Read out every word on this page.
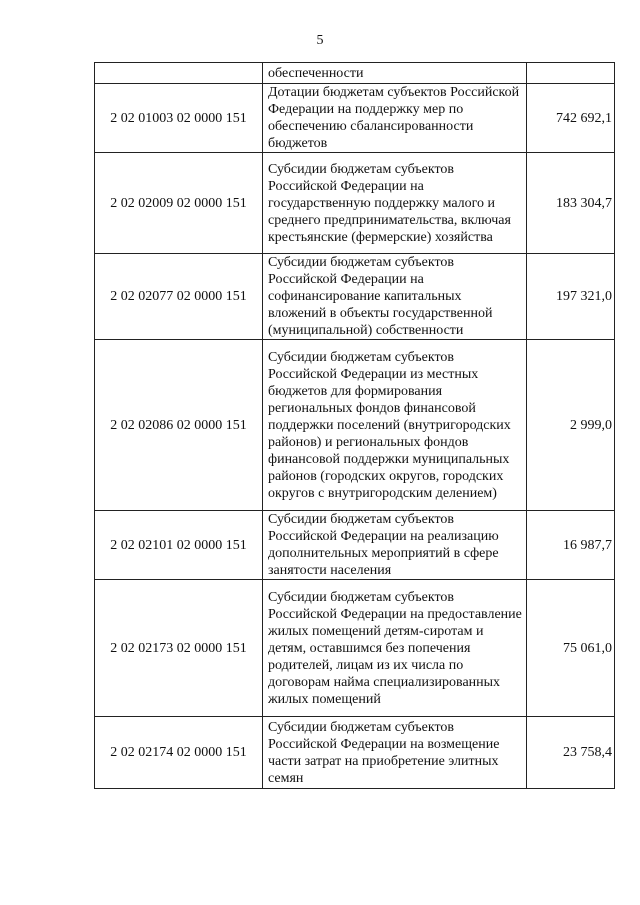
5
	обеспеченности	
2 02 01003 02 0000 151	Дотации бюджетам субъектов Российской Федерации на поддержку мер по обеспечению сбалансированности бюджетов	742 692,1
2 02 02009 02 0000 151	Субсидии бюджетам субъектов Российской Федерации на государственную поддержку малого и среднего предпринимательства, включая крестьянские (фермерские) хозяйства	183 304,7
2 02 02077 02 0000 151	Субсидии бюджетам субъектов Российской Федерации на софинансирование капитальных вложений в объекты государственной (муниципальной) собственности	197 321,0
2 02 02086 02 0000 151	Субсидии бюджетам субъектов Российской Федерации из местных бюджетов для формирования региональных фондов финансовой поддержки поселений (внутригородских районов) и региональных фондов финансовой поддержки муниципальных районов (городских округов, городских округов с внутригородским делением)	2 999,0
2 02 02101 02 0000 151	Субсидии бюджетам субъектов Российской Федерации на реализацию дополнительных мероприятий в сфере занятости населения	16 987,7
2 02 02173 02 0000 151	Субсидии бюджетам субъектов Российской Федерации на предоставление жилых помещений детям-сиротам и детям, оставшимся без попечения родителей, лицам из их числа по договорам найма специализированных жилых помещений	75 061,0
2 02 02174 02 0000 151	Субсидии бюджетам субъектов Российской Федерации на возмещение части затрат на приобретение элитных семян	23 758,4
